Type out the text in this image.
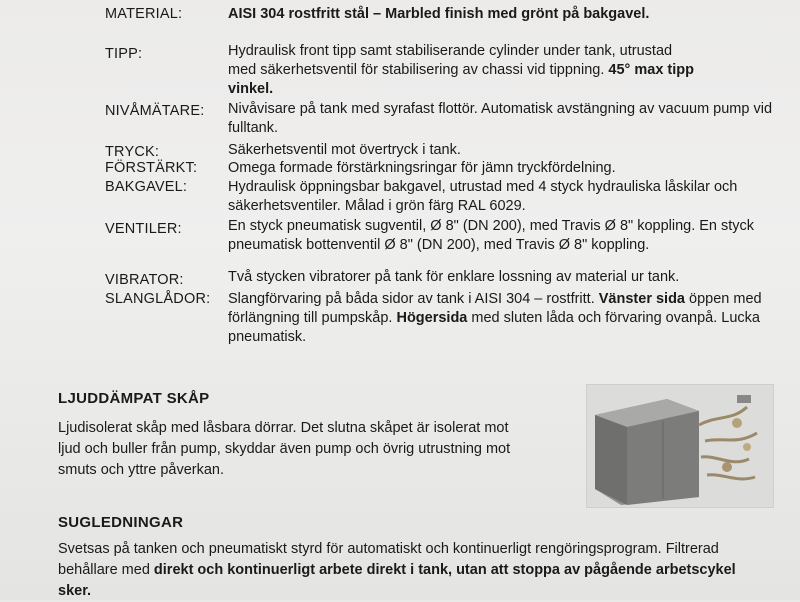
MATERIAL:	AISI 304 rostfritt stål – Marbled finish med grönt på bakgavel.
TIPP:	Hydraulisk front tipp samt stabiliserande cylinder under tank, utrustad
med säkerhetsventil för stabilisering av chassi vid tippning. 45° max tipp
vinkel.
NIVÅMÄTARE:	Nivåvisare på tank med syrafast flottör. Automatisk avstängning av vacuum pump vid fulltank.
TRYCK:	Säkerhetsventil mot övertryck i tank.
FÖRSTÄRKT:	Omega formade förstärkningsringar för jämn tryckfördelning.
BAKGAVEL:	Hydraulisk öppningsbar bakgavel, utrustad med 4 styck hydrauliska låskilar och säkerhetsventiler. Målad i grön färg RAL 6029.
VENTILER:	En styck pneumatisk sugventil, Ø 8" (DN 200), med Travis Ø 8" koppling. En styck pneumatisk bottenventil Ø 8" (DN 200), med Travis Ø 8" koppling.
VIBRATOR:	Två stycken vibratorer på tank för enklare lossning av material ur tank.
SLANGLÅDOR:	Slangförvaring på båda sidor av tank i AISI 304 – rostfritt. Vänster sida öppen med förlängning till pumpskåp. Högersida med sluten låda och förvaring ovanpå. Lucka pneumatisk.
LJUDDÄMPAT SKÅP
Ljudisolerat skåp med låsbara dörrar. Det slutna skåpet är isolerat mot ljud och buller från pump, skyddar även pump och övrig utrustning mot smuts och yttre påverkan.
SUGLEDNINGAR
Svetsas på tanken och pneumatiskt styrd för automatiskt och kontinuerligt rengöringsprogram. Filtrerad behållare med direkt och kontinuerligt arbete direkt i tank, utan att stoppa av pågående arbetscykel sker.
